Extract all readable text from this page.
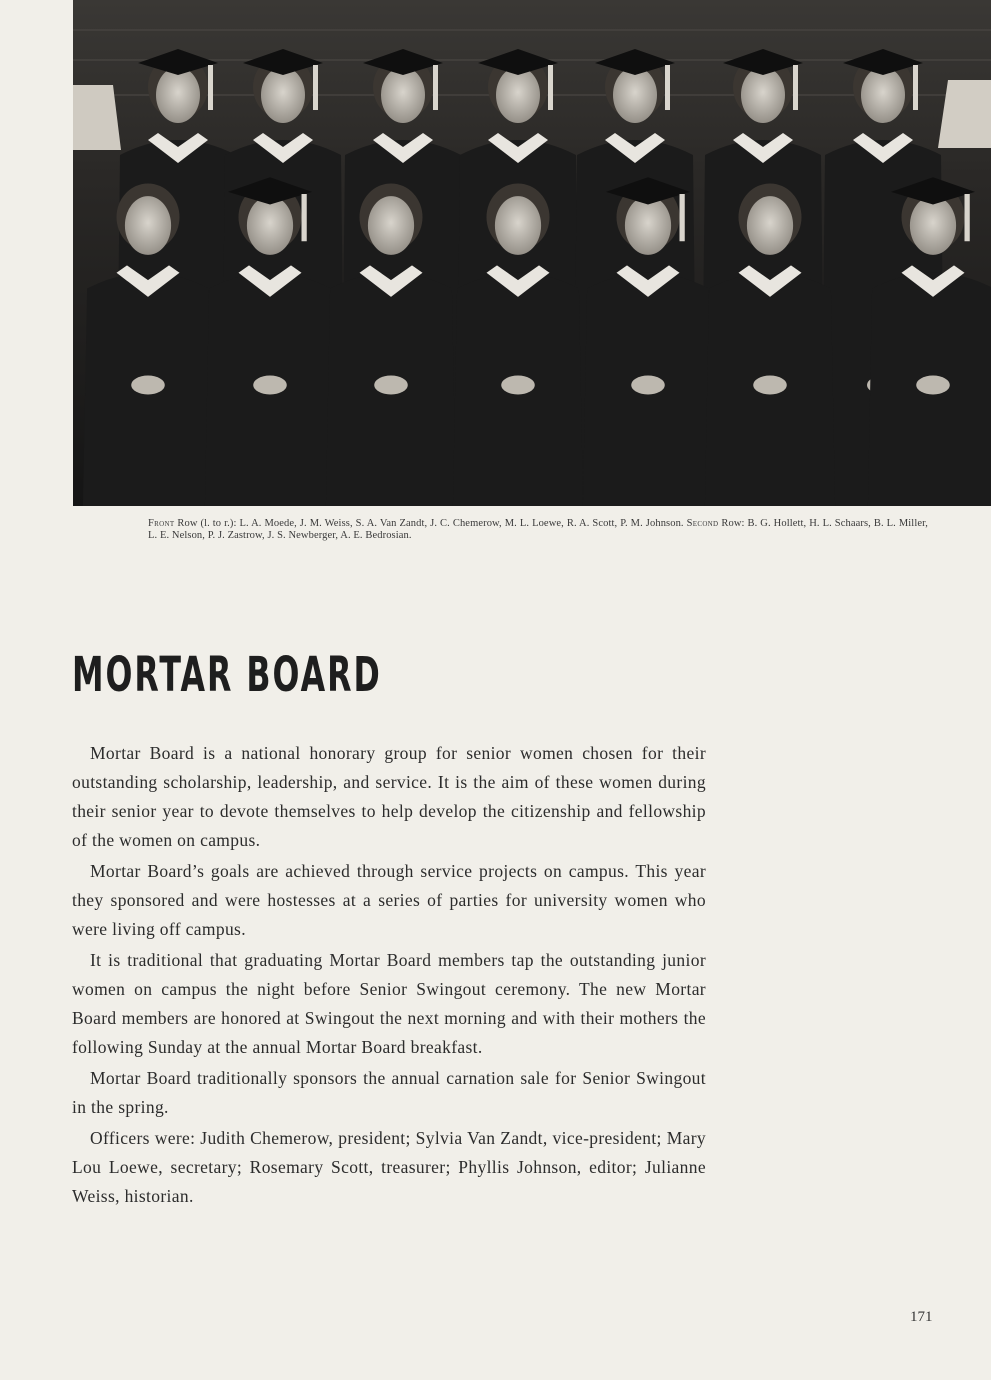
Front Row (l. to r.): L. A. Moede, J. M. Weiss, S. A. Van Zandt, J. C. Chemerow, M. L. Loewe, R. A. Scott, P. M. Johnson. Second Row: B. G. Hollett, H. L. Schaars, B. L. Miller, L. E. Nelson, P. J. Zastrow, J. S. Newberger, A. E. Bedrosian.
MORTAR BOARD

Mortar Board is a national honorary group for senior women chosen for their outstanding scholarship, leadership, and service. It is the aim of these women during their senior year to devote themselves to help develop the citizenship and fellowship of the women on campus.

Mortar Board’s goals are achieved through service projects on campus. This year they sponsored and were hostesses at a series of parties for university women who were living off campus.

It is traditional that graduating Mortar Board members tap the outstanding junior women on campus the night before Senior Swingout ceremony. The new Mortar Board members are honored at Swingout the next morning and with their mothers the following Sunday at the annual Mortar Board breakfast.

Mortar Board traditionally sponsors the annual carnation sale for Senior Swingout in the spring.

Officers were: Judith Chemerow, president; Sylvia Van Zandt, vice-president; Mary Lou Loewe, secretary; Rosemary Scott, treasurer; Phyllis Johnson, editor; Julianne Weiss, historian.

171
